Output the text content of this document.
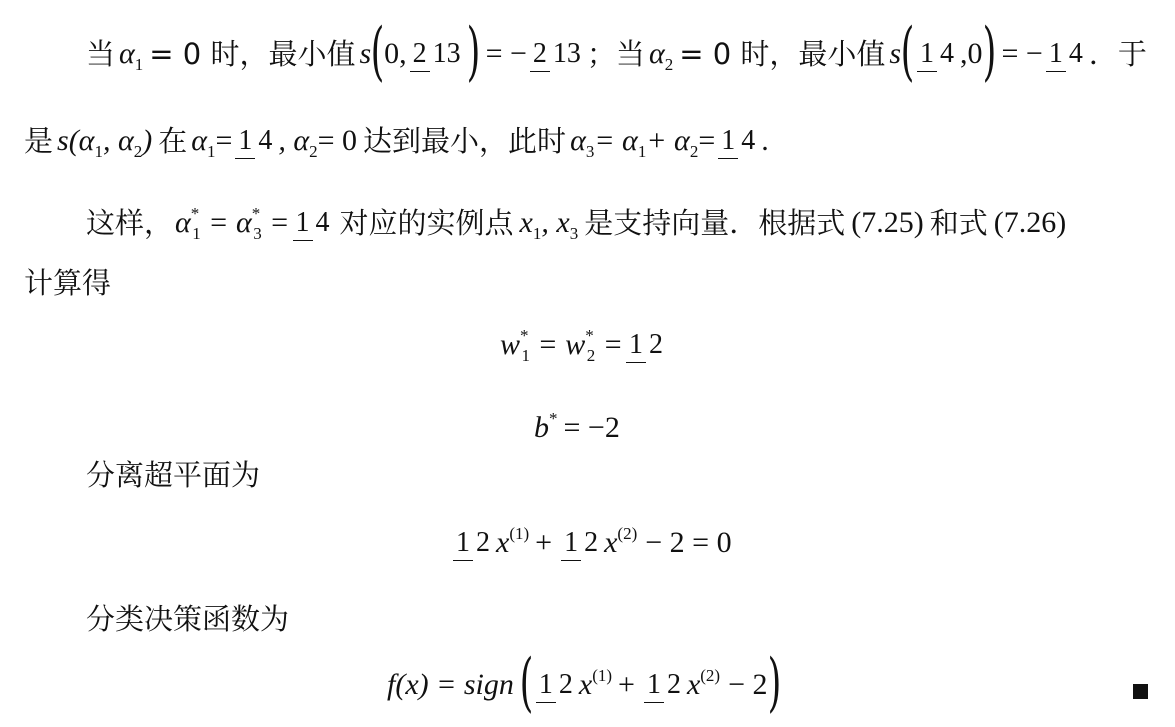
当 $\alpha_1 = 0$ 时，最小值 s ( 0, 2 13 ) = − 2 13 ；当 $\alpha_2 = 0$ 时，最小值 s ( 1 4 ,0 ) = − 1 4 ．于
是 $s(\alpha_1$, $\alpha_2$) 在 $\alpha_1 = 1$ 4 , $\alpha_2 = 0$ 达到最小，此时 $\alpha_3 = \alpha_1 + \alpha_2 = 1$ 4 .
这样， $\alpha^*_1 = \alpha^*_3 = 1$ 4 对应的实例点 $x_1$, $x_3$ 是支持向量．根据式 (7.25) 和式 (7.26)
计算得
$w^*_1 = w^*_2 = 1$ 2
b* = −2
分离超平面为
1 2 $x^{(1)} + 1$ 2 $x^{(2)} - 2 = 0$
分类决策函数为
f(x) = sign ( 1 2 $x^{(1)} + 1$ 2 $x^{(2)} - 2$ )
